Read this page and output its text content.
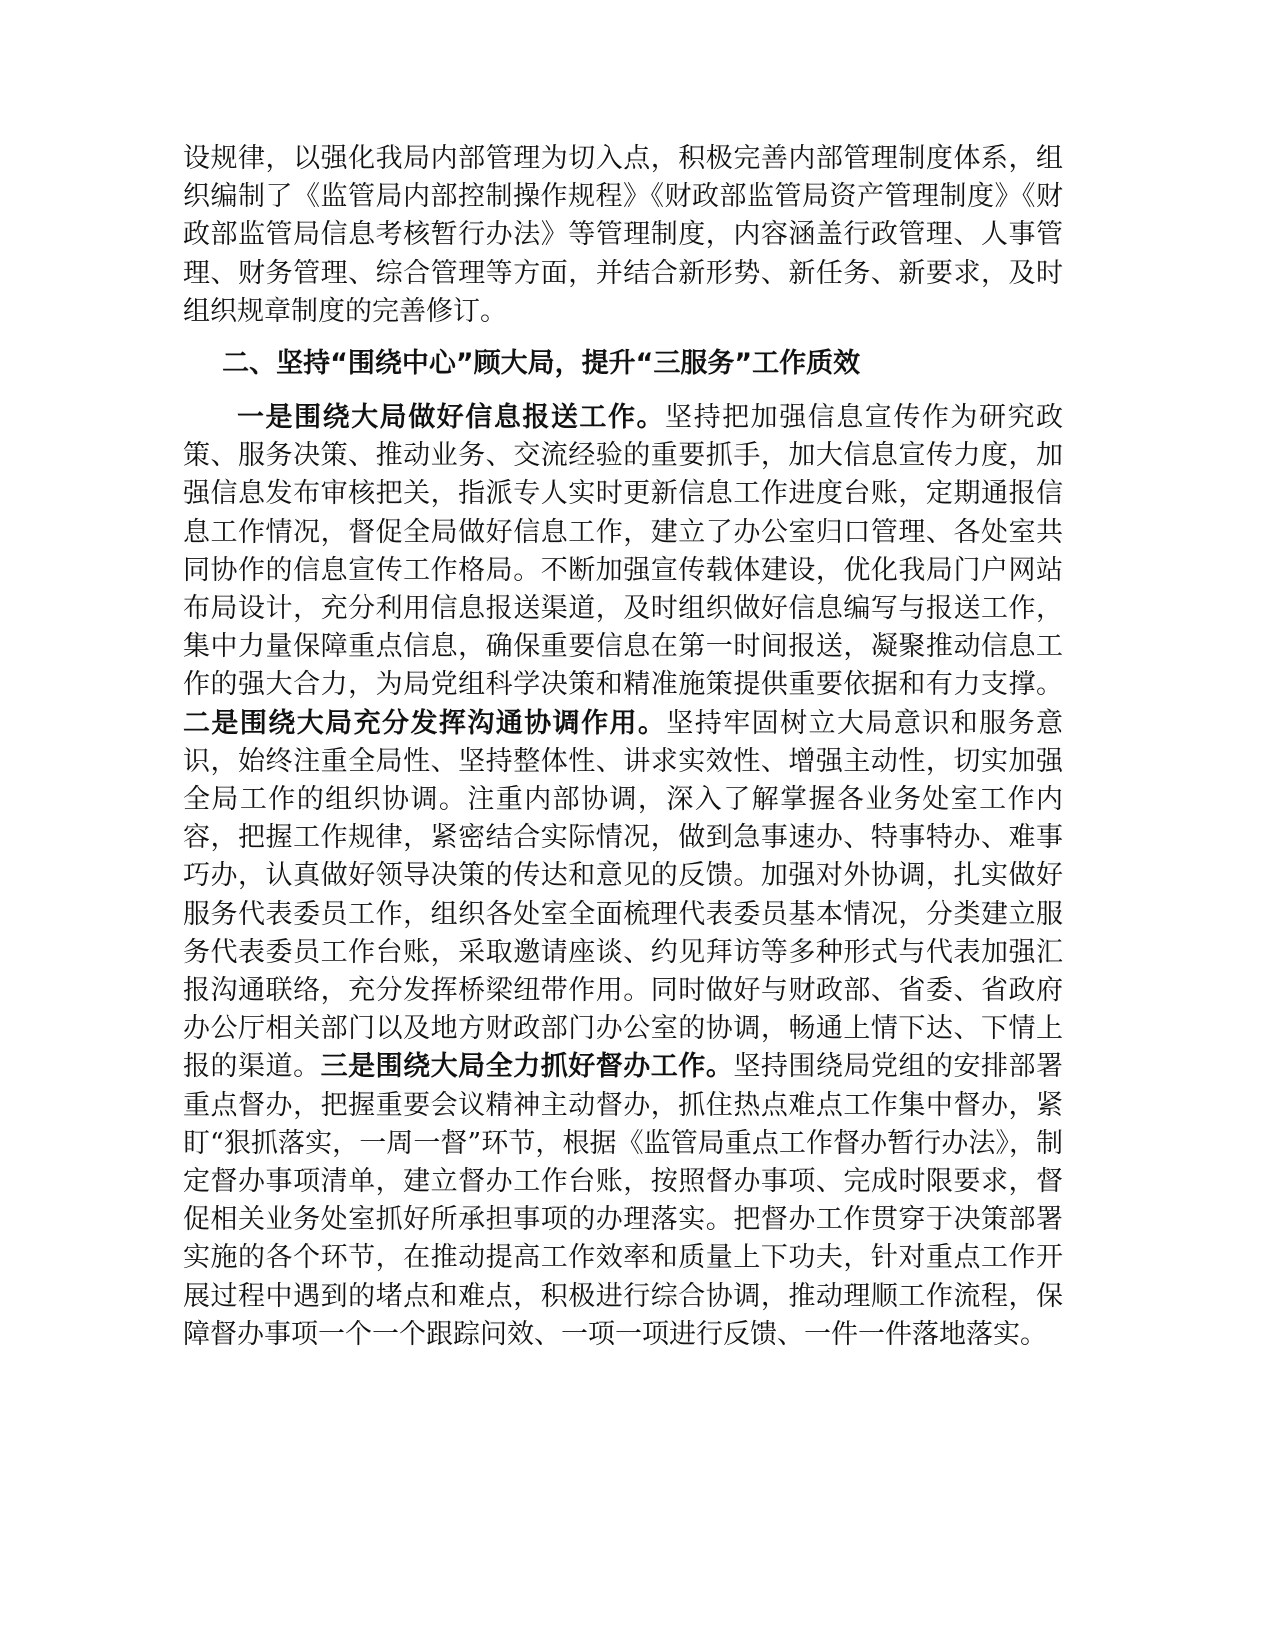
设规律，以强化我局内部管理为切入点，积极完善内部管理制度体系，组织编制了《监管局内部控制操作规程》《财政部监管局资产管理制度》《财政部监管局信息考核暂行办法》等管理制度，内容涵盖行政管理、人事管理、财务管理、综合管理等方面，并结合新形势、新任务、新要求，及时组织规章制度的完善修订。

二、坚持“围绕中心”顾大局，提升“三服务”工作质效

一是围绕大局做好信息报送工作。坚持把加强信息宣传作为研究政策、服务决策、推动业务、交流经验的重要抓手，加大信息宣传力度，加强信息发布审核把关，指派专人实时更新信息工作进度台账，定期通报信息工作情况，督促全局做好信息工作，建立了办公室归口管理、各处室共同协作的信息宣传工作格局。不断加强宣传载体建设，优化我局门户网站布局设计，充分利用信息报送渠道，及时组织做好信息编写与报送工作，集中力量保障重点信息，确保重要信息在第一时间报送，凝聚推动信息工作的强大合力，为局党组科学决策和精准施策提供重要依据和有力支撑。二是围绕大局充分发挥沟通协调作用。坚持牢固树立大局意识和服务意识，始终注重全局性、坚持整体性、讲求实效性、增强主动性，切实加强全局工作的组织协调。注重内部协调，深入了解掌握各业务处室工作内容，把握工作规律，紧密结合实际情况，做到急事速办、特事特办、难事巧办，认真做好领导决策的传达和意见的反馈。加强对外协调，扎实做好服务代表委员工作，组织各处室全面梳理代表委员基本情况，分类建立服务代表委员工作台账，采取邀请座谈、约见拜访等多种形式与代表加强汇报沟通联络，充分发挥桥梁纽带作用。同时做好与财政部、省委、省政府办公厅相关部门以及地方财政部门办公室的协调，畅通上情下达、下情上报的渠道。三是围绕大局全力抓好督办工作。坚持围绕局党组的安排部署重点督办，把握重要会议精神主动督办，抓住热点难点工作集中督办，紧盯“狠抓落实，一周一督”环节，根据《监管局重点工作督办暂行办法》，制定督办事项清单，建立督办工作台账，按照督办事项、完成时限要求，督促相关业务处室抓好所承担事项的办理落实。把督办工作贯穿于决策部署实施的各个环节，在推动提高工作效率和质量上下功夫，针对重点工作开展过程中遇到的堵点和难点，积极进行综合协调，推动理顺工作流程，保障督办事项一个一个跟踪问效、一项一项进行反馈、一件一件落地落实。
